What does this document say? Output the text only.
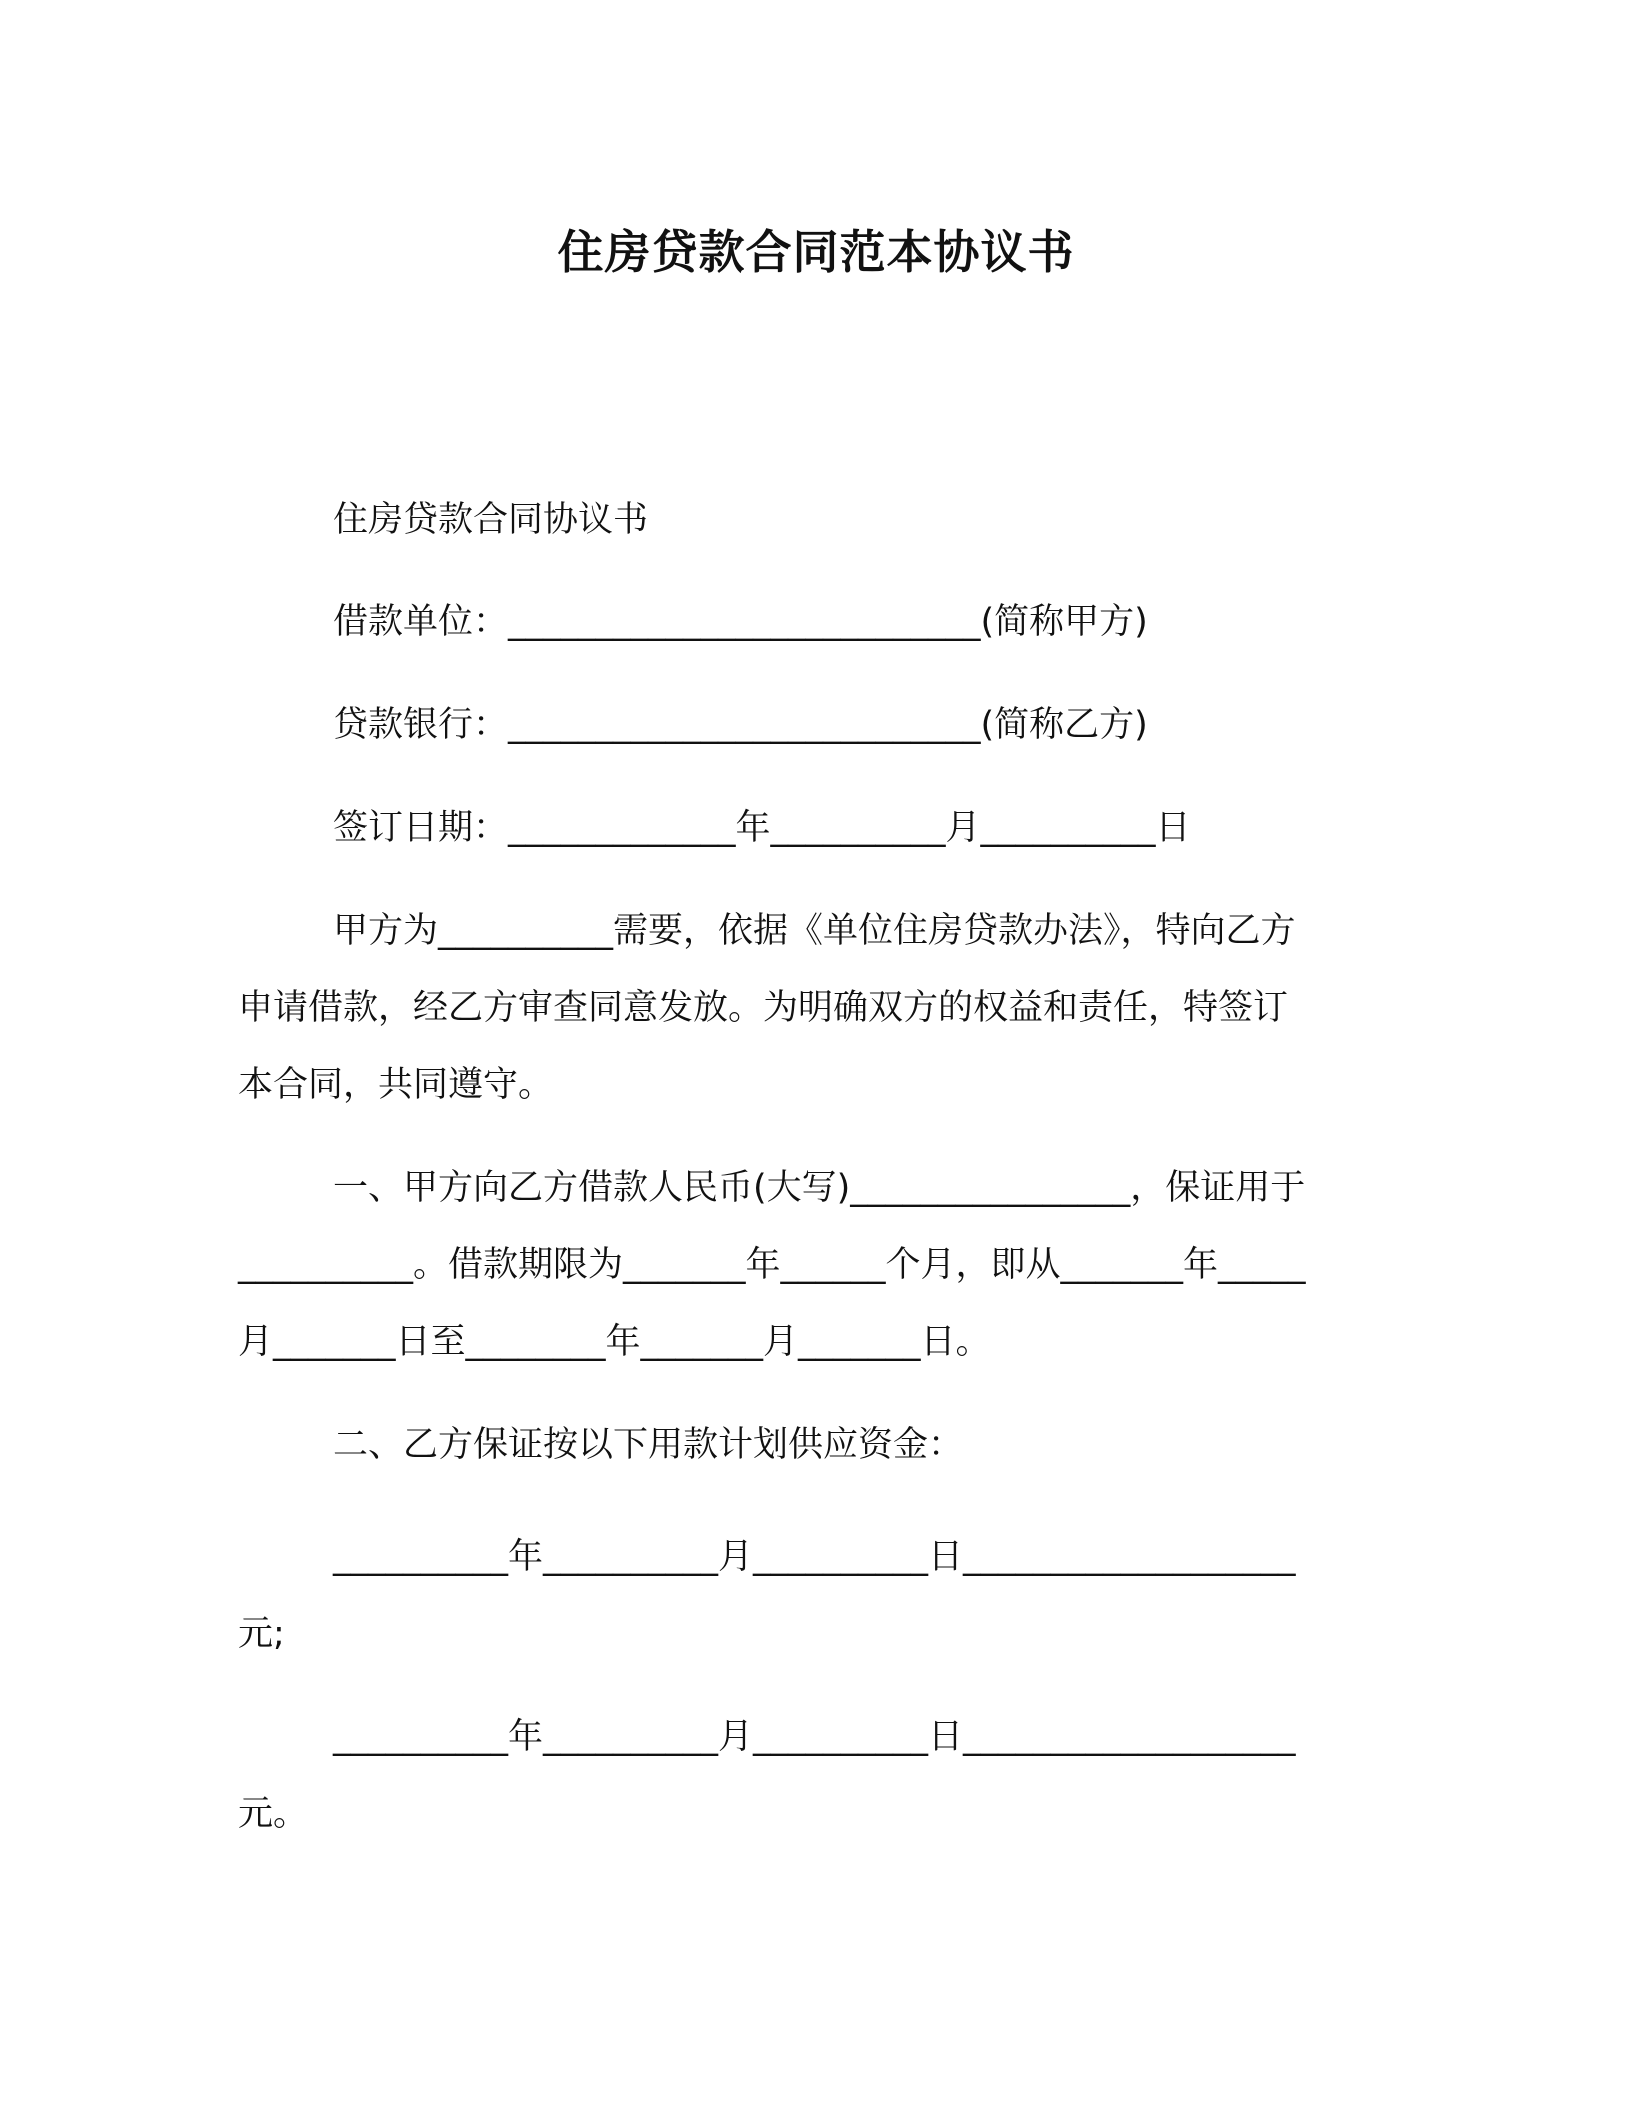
住房贷款合同范本协议书
住房贷款合同协议书
借款单位：___________________________(简称甲方)
贷款银行：___________________________(简称乙方)
签订日期：_____________年__________月__________日
甲方为__________需要，依据《单位住房贷款办法》，特向乙方
申请借款，经乙方审查同意发放。为明确双方的权益和责任，特签订
本合同，共同遵守。
一、甲方向乙方借款人民币(大写)________________，保证用于
__________。借款期限为_______年______个月，即从_______年_____
月_______日至________年_______月_______日。
二、乙方保证按以下用款计划供应资金：
__________年__________月__________日___________________
元;
__________年__________月__________日___________________
元。
